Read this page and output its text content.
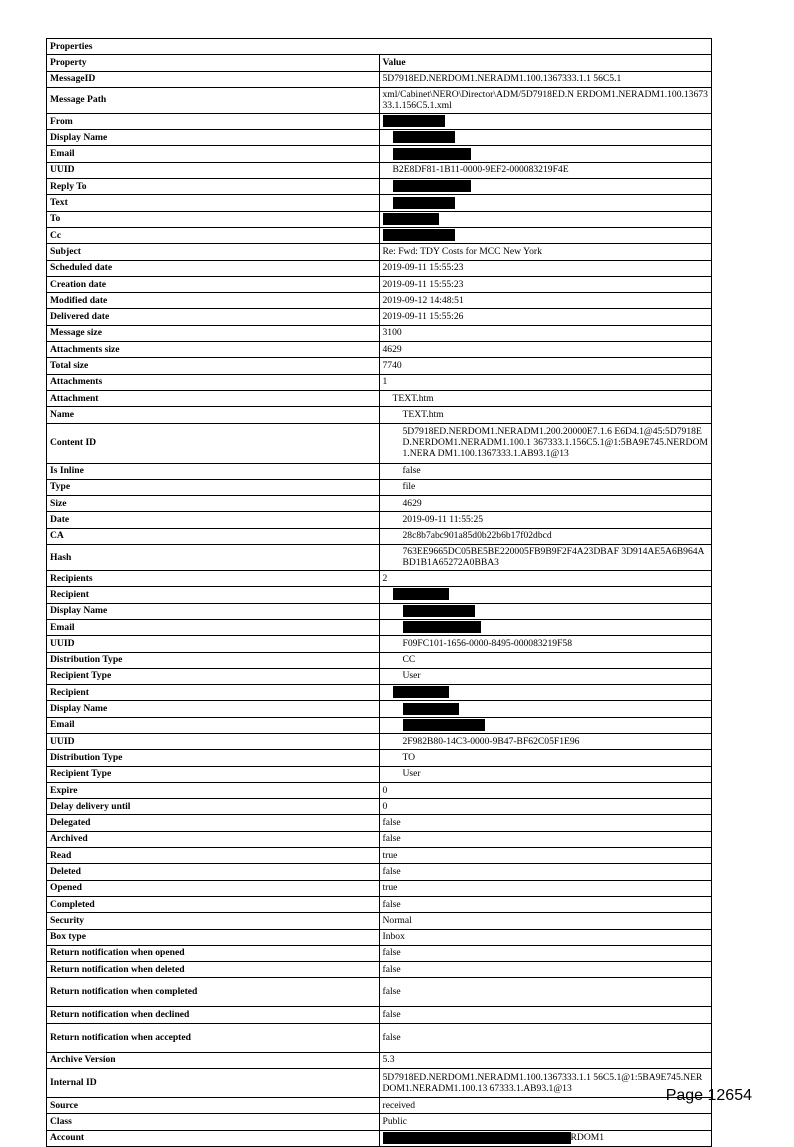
Properties	
Property	Value
MessageID	5D7918ED.NERDOM1.NERADM1.100.1367333.1.1 56C5.1
Message Path	xml/Cabinet\NERO\Director\ADM/5D7918ED.N ERDOM1.NERADM1.100.1367333.1.156C5.1.xml
From	
Display Name	
Email	
UUID	B2E8DF81-1B11-0000-9EF2-000083219F4E
Reply To	
Text	
To	
Cc	
Subject	Re: Fwd: TDY Costs for MCC New York
Scheduled date	2019-09-11 15:55:23
Creation date	2019-09-11 15:55:23
Modified date	2019-09-12 14:48:51
Delivered date	2019-09-11 15:55:26
Message size	3100
Attachments size	4629
Total size	7740
Attachments	1
Attachment	TEXT.htm
Name	TEXT.htm
Content ID	5D7918ED.NERDOM1.NERADM1.200.20000E7.1.6 E6D4.1@45:5D7918ED.NERDOM1.NERADM1.100.1 367333.1.156C5.1@1:5BA9E745.NERDOM1.NERA DM1.100.1367333.1.AB93.1@13
Is Inline	false
Type	file
Size	4629
Date	2019-09-11 11:55:25
CA	28c8b7abc901a85d0b22b6b17f02dbcd
Hash	763EE9665DC05BE5BE220005FB9B9F2F4A23DBAF 3D914AE5A6B964ABD1B1A65272A0BBA3
Recipients	2
Recipient	
Display Name	
Email	
UUID	F09FC101-1656-0000-8495-000083219F58
Distribution Type	CC
Recipient Type	User
Recipient	
Display Name	
Email	
UUID	2F982B80-14C3-0000-9B47-BF62C05F1E96
Distribution Type	TO
Recipient Type	User
Expire	0
Delay delivery until	0
Delegated	false
Archived	false
Read	true
Deleted	false
Opened	true
Completed	false
Security	Normal
Box type	Inbox
Return notification when opened	false
Return notification when deleted	false
Return notification when completed	false
Return notification when declined	false
Return notification when accepted	false
Archive Version	5.3
Internal ID	5D7918ED.NERDOM1.NERADM1.100.1367333.1.1 56C5.1@1:5BA9E745.NERDOM1.NERADM1.100.13 67333.1.AB93.1@13
Source	received
Class	Public
Account	RDOM1
Page 12654
